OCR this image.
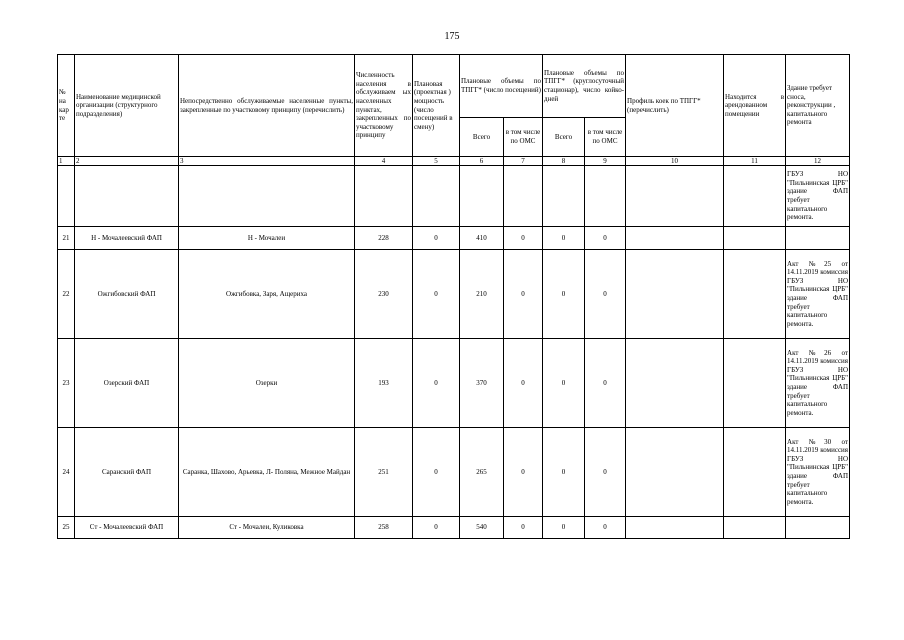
175
№ на кар те	Наименование медицинской организации (структурного подразделения)	Непосредственно обслуживаемые населенные пункты, закрепленные по участковому принципу (перечислить)	Численность населения в обслуживаем ых населенных пунктах, закрепленных по участковому принципу	Плановая (проектная ) мощность (число посещений в смену)	Плановые объемы по ТПГГ* (число посещений)		Плановые объемы по ТПГГ* (круглосуточный стационар), число койко-дней		Профиль коек по ТПГГ* (перечислить)	Находится в арендованном помещении	Здание требует сноса, реконструкции , капитального ремонта
					Всего	в том числе по ОМС	Всего	в том числе по ОМС			
1	2	3	4	5	6	7	8	9	10	11	12
											ГБУЗ НО "Пильнинская ЦРБ" здание ФАП требует капитального ремонта.
21	Н - Мочалеевский ФАП	Н - Мочалеи	228	0	410	0	0	0			
22	Ожгибовский ФАП	Ожгибовка, Заря, Ащериха	230	0	210	0	0	0			Акт №25 от 14.11.2019 комиссия ГБУЗ НО "Пильнинская ЦРБ" здание ФАП требует капитального ремонта.
23	Озерский ФАП	Озерки	193	0	370	0	0	0			Акт №26 от 14.11.2019 комиссия ГБУЗ НО "Пильнинская ЦРБ" здание ФАП требует капитального ремонта.
24	Саранский ФАП	Саранка, Шахово, Арьевка, Л- Поляна, Межное Майдан	251	0	265	0	0	0			Акт №30 от 14.11.2019 комиссия ГБУЗ НО "Пильнинская ЦРБ" здание ФАП требует капитального ремонта.
25	Ст - Мочалеевский ФАП	Ст - Мочалеи, Куликовка	258	0	540	0	0	0			
